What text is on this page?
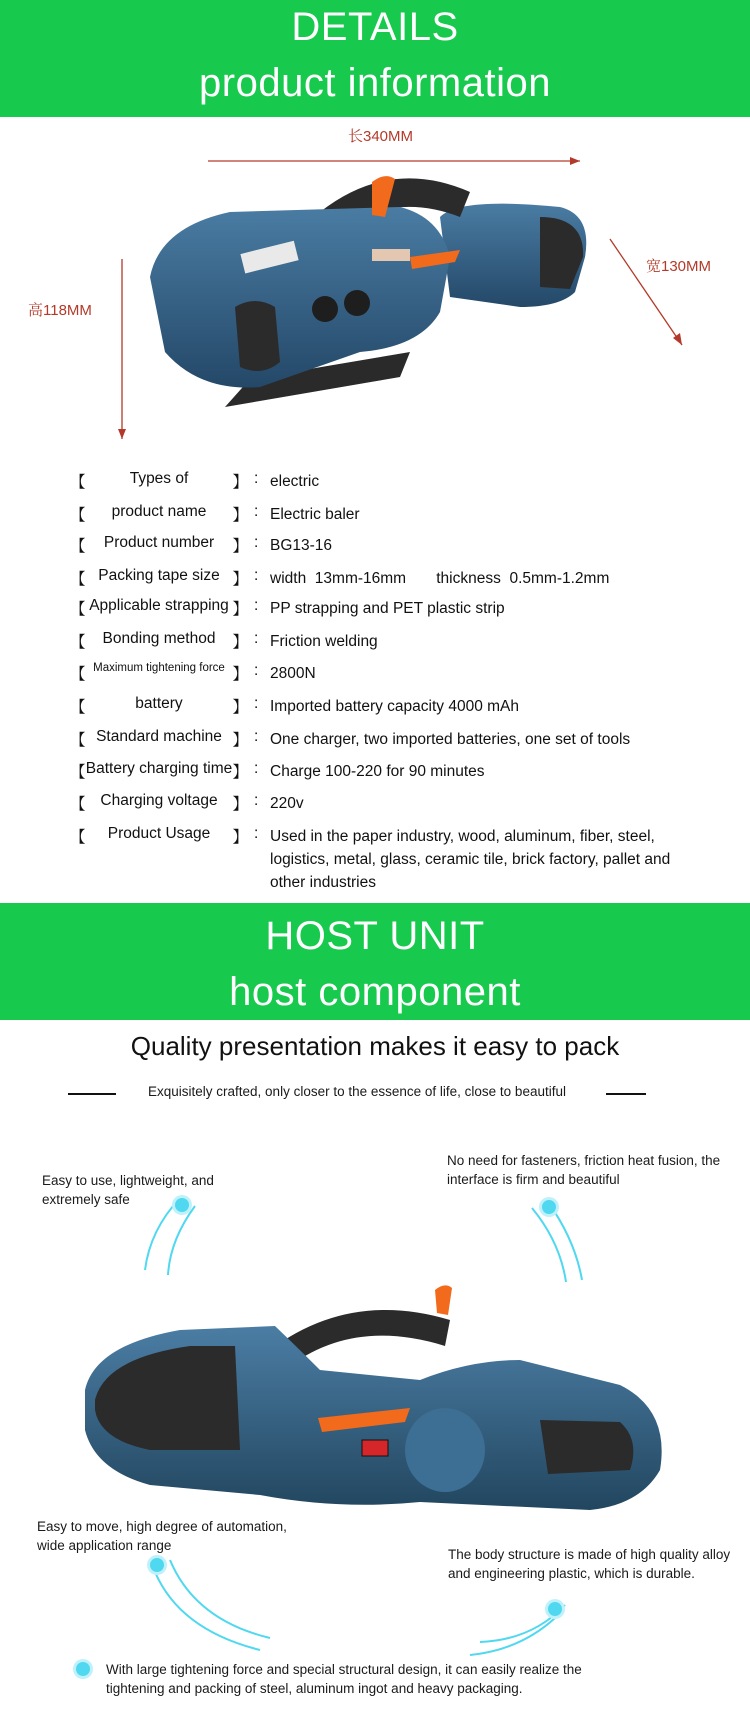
DETAILS
product information
长340MM
宽130MM
高118MM
【	Types of	】 : electric
【	product name	】 : Electric baler
【	Product number	】 : BG13-16
【 Packing tape size 】 : width  13mm-16mm       thickness  0.5mm-1.2mm
【 Applicable strapping 】 : PP strapping and PET plastic strip
【	Bonding method	】 : Friction welding
【 Maximum tightening force 】 : 2800N
【	battery	】 : Imported battery capacity 4000 mAh
【 Standard machine 】 : One charger, two imported batteries, one set of tools
【 Battery charging time 】 : Charge 100-220 for 90 minutes
【 Charging voltage 】 : 220v
【	Product Usage	】 : Used in the paper industry, wood, aluminum, fiber, steel, logistics, metal, glass, ceramic tile, brick factory, pallet and other industries
HOST UNIT
host component
Quality presentation makes it easy to pack
Exquisitely crafted, only closer to the essence of life, close to beautiful
Easy to use, lightweight, and extremely safe
No need for fasteners, friction heat fusion, the interface is firm and beautiful
Easy to move, high degree of automation, wide application range
The body structure is made of high quality alloy and engineering plastic, which is durable.
With large tightening force and special structural design, it can easily realize the tightening and packing of steel, aluminum ingot and heavy packaging.
